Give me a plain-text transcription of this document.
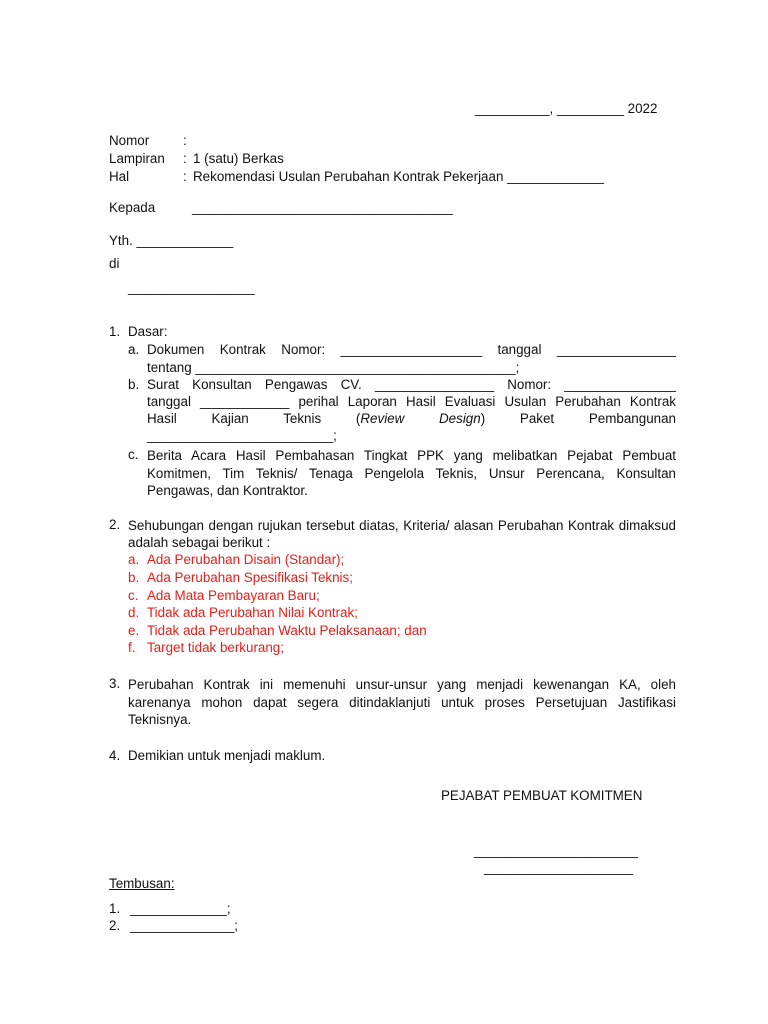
__________, _________ 2022
Nomor	:
Lampiran : 1 (satu) Berkas
Hal	: Rekomendasi Usulan Perubahan Kontrak Pekerjaan _____________
Kepada	___________________________________
Yth. _____________
di
_________________
1. Dasar:
a. Dokumen Kontrak Nomor: ___________________ tanggal ________________
tentang ___________________________________________;
b. Surat Konsultan Pengawas CV. ________________ Nomor: _______________
tanggal ____________ perihal Laporan Hasil Evaluasi Usulan Perubahan Kontrak
Hasil Kajian Teknis (Review Design) Paket Pembangunan
_________________________;
c. Berita Acara Hasil Pembahasan Tingkat PPK yang melibatkan Pejabat Pembuat Komitmen, Tim Teknis/ Tenaga Pengelola Teknis, Unsur Perencana, Konsultan Pengawas, dan Kontraktor.
2. Sehubungan dengan rujukan tersebut diatas, Kriteria/ alasan Perubahan Kontrak dimaksud adalah sebagai berikut :
a. Ada Perubahan Disain (Standar);
b. Ada Perubahan Spesifikasi Teknis;
c. Ada Mata Pembayaran Baru;
d. Tidak ada Perubahan Nilai Kontrak;
e. Tidak ada Perubahan Waktu Pelaksanaan; dan
f. Target tidak berkurang;
3. Perubahan Kontrak ini memenuhi unsur-unsur yang menjadi kewenangan KA, oleh karenanya mohon dapat segera ditindaklanjuti untuk proses Persetujuan Jastifikasi Teknisnya.
4. Demikian untuk menjadi maklum.
PEJABAT PEMBUAT KOMITMEN
______________________
____________________
Tembusan:
1. _____________;
2. ______________;
